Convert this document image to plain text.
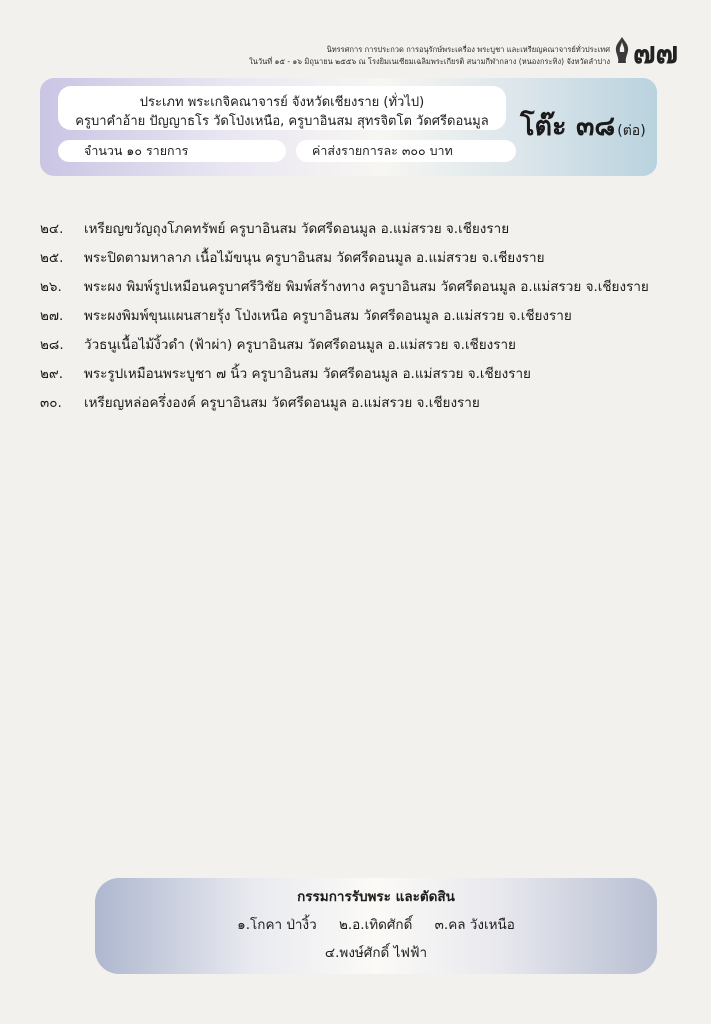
นิทรรศการ การประกวด การอนุรักษ์พระเครื่อง พระบูชา และเหรียญคณาจารย์ทั่วประเทศ
ในวันที่ ๑๕ - ๑๖ มิถุนายน ๒๕๕๖ ณ โรงยิมเนเซียมเฉลิมพระเกียรติ สนามกีฬากลาง (หนองกระทิง) จังหวัดลำปาง ๗๗
ประเภท พระเกจิคณาจารย์ จังหวัดเชียงราย (ทั่วไป)
ครูบาคำอ้าย ปัญญาธโร วัดโป่งเหนือ, ครูบาอินสม สุทรจิตโต วัดศรีดอนมูล	โต๊ะ ๓๘ (ต่อ)
จำนวน ๑๐ รายการ	ค่าส่งรายการละ ๓๐๐ บาท
๒๔.	เหรียญขวัญถุงโภคทรัพย์ ครูบาอินสม วัดศรีดอนมูล อ.แม่สรวย จ.เชียงราย
๒๕.	พระปิดตามหาลาภ เนื้อไม้ขนุน ครูบาอินสม วัดศรีดอนมูล อ.แม่สรวย จ.เชียงราย
๒๖.	พระผง พิมพ์รูปเหมือนครูบาศรีวิชัย พิมพ์สร้างทาง ครูบาอินสม วัดศรีดอนมูล อ.แม่สรวย จ.เชียงราย
๒๗.	พระผงพิมพ์ขุนแผนสายรุ้ง โป่งเหนือ ครูบาอินสม วัดศรีดอนมูล อ.แม่สรวย จ.เชียงราย
๒๘.	วัวธนูเนื้อไม้งิ้วดำ (ฟ้าผ่า) ครูบาอินสม วัดศรีดอนมูล อ.แม่สรวย จ.เชียงราย
๒๙.	พระรูปเหมือนพระบูชา ๗ นิ้ว ครูบาอินสม วัดศรีดอนมูล อ.แม่สรวย จ.เชียงราย
๓๐.	เหรียญหล่อครึ่งองค์ ครูบาอินสม วัดศรีดอนมูล อ.แม่สรวย จ.เชียงราย
กรรมการรับพระ และตัดสิน
๑.โกคา ป่างิ้ว ๒.อ.เทิดศักดิ์ ๓.คล วังเหนือ
๔.พงษ์ศักดิ์ ไฟฟ้า
